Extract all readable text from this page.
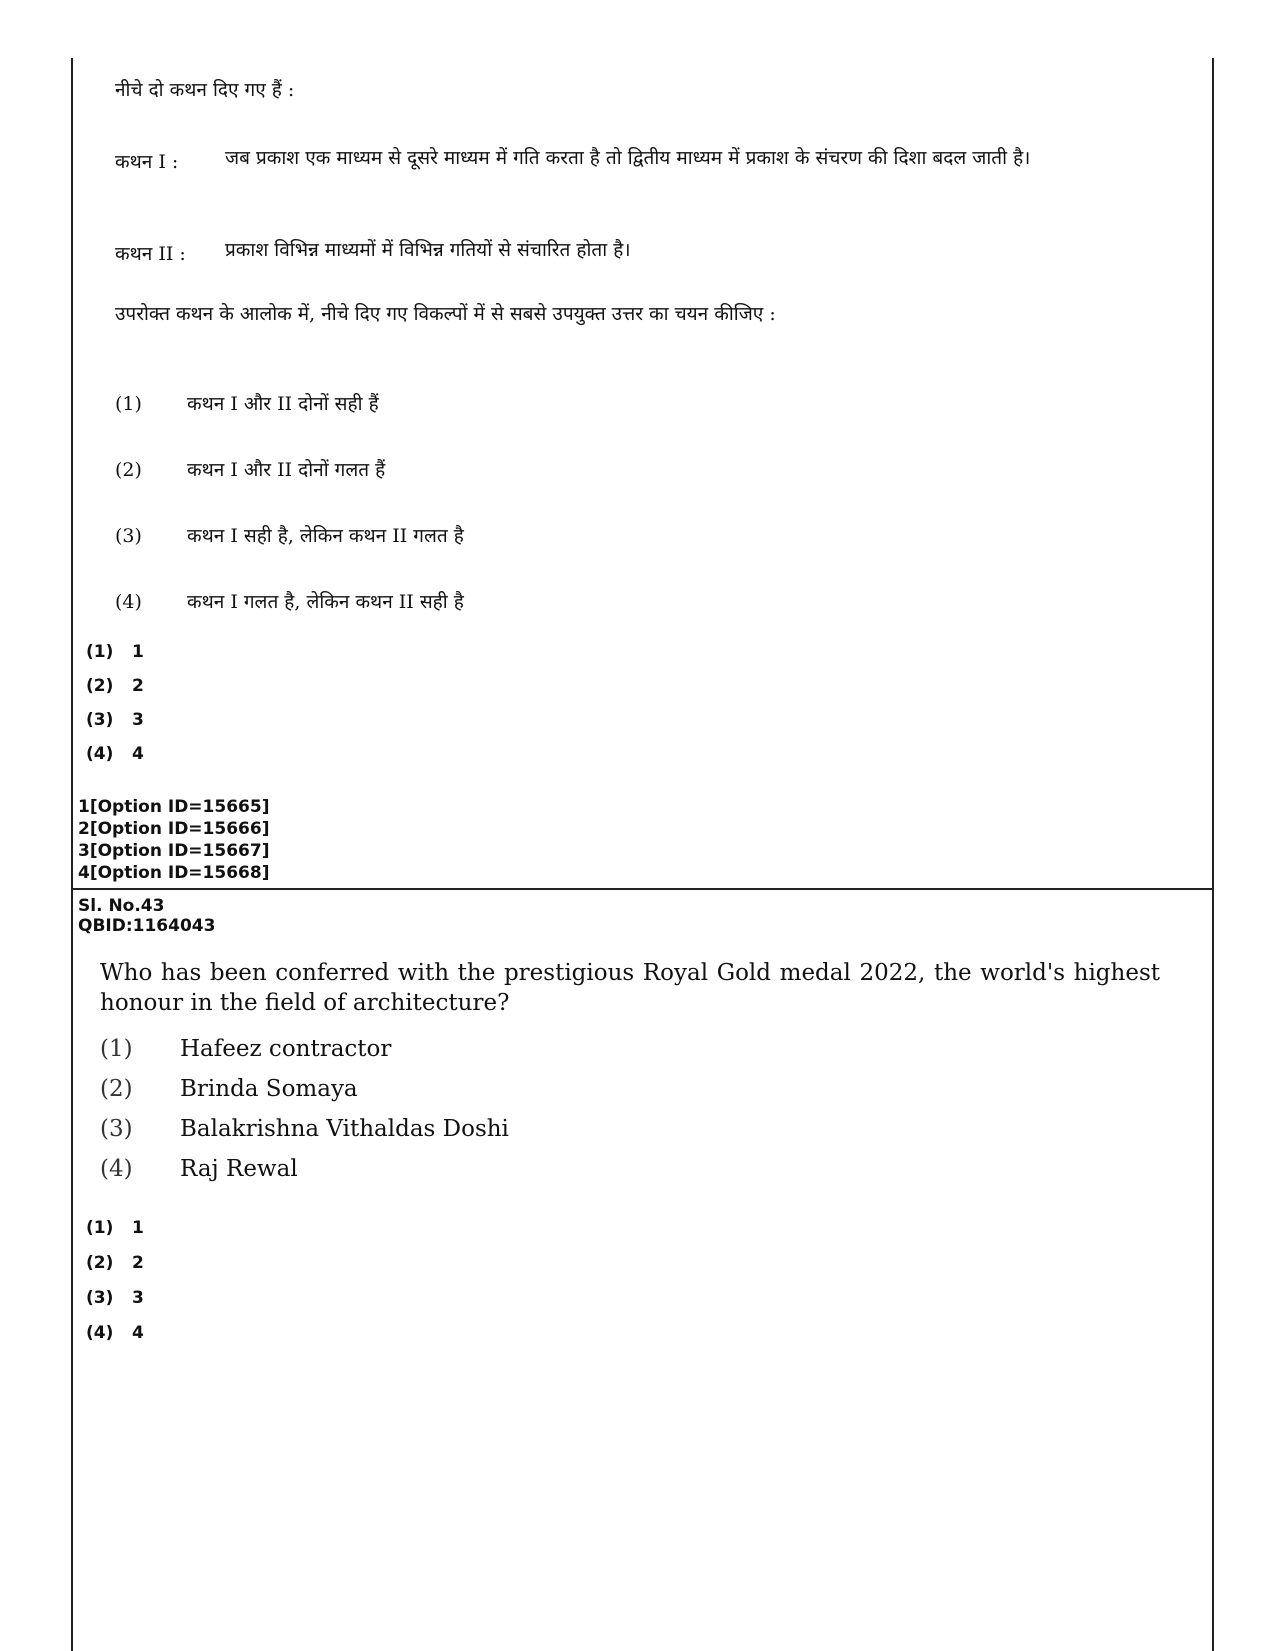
नीचे दो कथन दिए गए हैं :
कथन I : जब प्रकाश एक माध्यम से दूसरे माध्यम में गति करता है तो द्वितीय माध्यम में प्रकाश के संचरण की दिशा बदल जाती है।
कथन II : प्रकाश विभिन्न माध्यमों में विभिन्न गतियों से संचारित होता है।
उपरोक्त कथन के आलोक में, नीचे दिए गए विकल्पों में से सबसे उपयुक्त उत्तर का चयन कीजिए :
(1) कथन I और II दोनों सही हैं
(2) कथन I और II दोनों गलत हैं
(3) कथन I सही है, लेकिन कथन II गलत है
(4) कथन I गलत है, लेकिन कथन II सही है
(1) 1
(2) 2
(3) 3
(4) 4
1[Option ID=15665]
2[Option ID=15666]
3[Option ID=15667]
4[Option ID=15668]
Sl. No.43
QBID:1164043
Who has been conferred with the prestigious Royal Gold medal 2022, the world's highest honour in the field of architecture?
(1) Hafeez contractor
(2) Brinda Somaya
(3) Balakrishna Vithaldas Doshi
(4) Raj Rewal
(1) 1
(2) 2
(3) 3
(4) 4
